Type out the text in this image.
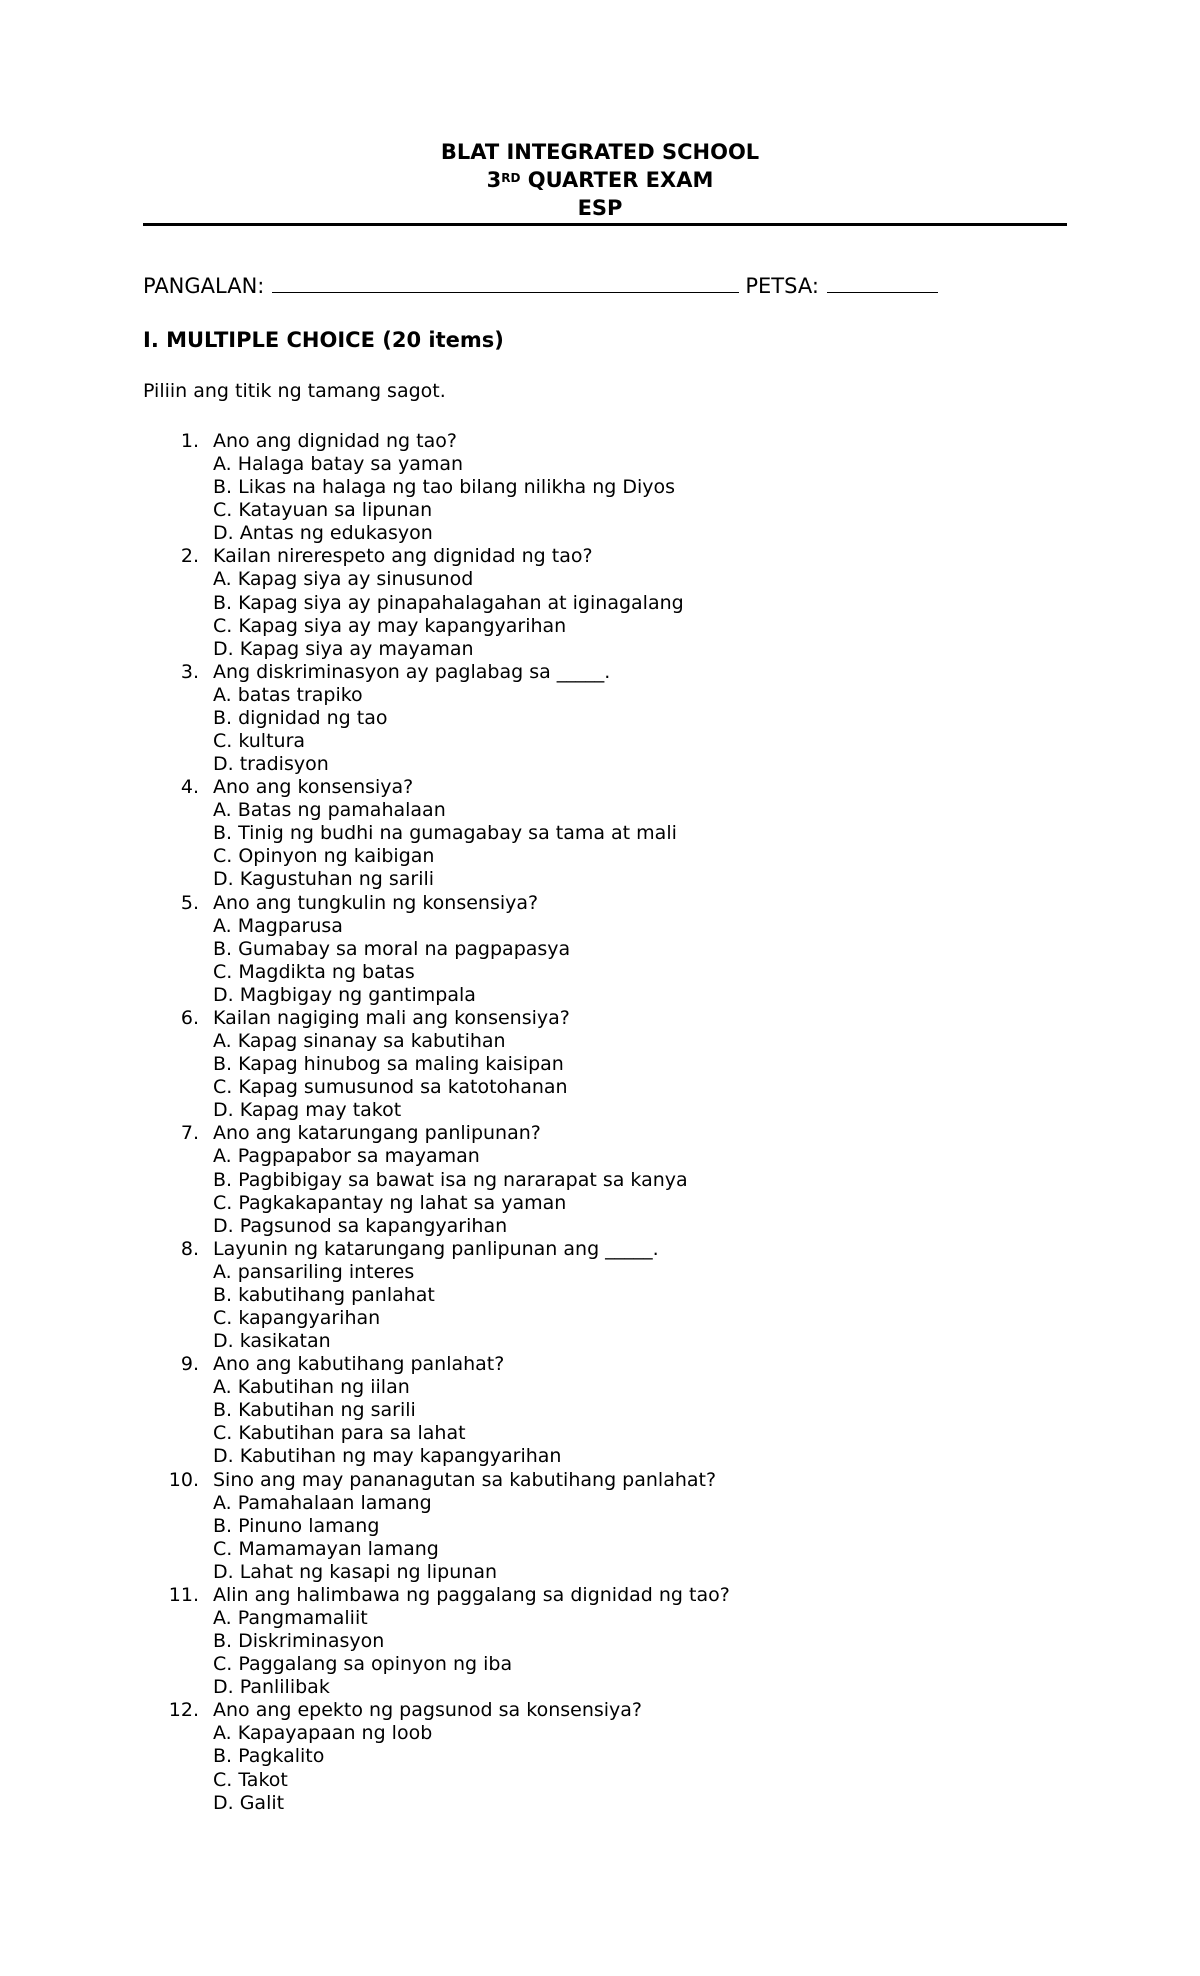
BLAT INTEGRATED SCHOOL
3RD QUARTER EXAM
ESP
PANGALAN:	PETSA:
I. MULTIPLE CHOICE (20 items)
Piliin ang titik ng tamang sagot.
1. Ano ang dignidad ng tao?
A. Halaga batay sa yaman
B. Likas na halaga ng tao bilang nilikha ng Diyos
C. Katayuan sa lipunan
D. Antas ng edukasyon
2. Kailan nirerespeto ang dignidad ng tao?
A. Kapag siya ay sinusunod
B. Kapag siya ay pinapahalagahan at iginagalang
C. Kapag siya ay may kapangyarihan
D. Kapag siya ay mayaman
3. Ang diskriminasyon ay paglabag sa _____.
A. batas trapiko
B. dignidad ng tao
C. kultura
D. tradisyon
4. Ano ang konsensiya?
A. Batas ng pamahalaan
B. Tinig ng budhi na gumagabay sa tama at mali
C. Opinyon ng kaibigan
D. Kagustuhan ng sarili
5. Ano ang tungkulin ng konsensiya?
A. Magparusa
B. Gumabay sa moral na pagpapasya
C. Magdikta ng batas
D. Magbigay ng gantimpala
6. Kailan nagiging mali ang konsensiya?
A. Kapag sinanay sa kabutihan
B. Kapag hinubog sa maling kaisipan
C. Kapag sumusunod sa katotohanan
D. Kapag may takot
7. Ano ang katarungang panlipunan?
A. Pagpapabor sa mayaman
B. Pagbibigay sa bawat isa ng nararapat sa kanya
C. Pagkakapantay ng lahat sa yaman
D. Pagsunod sa kapangyarihan
8. Layunin ng katarungang panlipunan ang _____.
A. pansariling interes
B. kabutihang panlahat
C. kapangyarihan
D. kasikatan
9. Ano ang kabutihang panlahat?
A. Kabutihan ng iilan
B. Kabutihan ng sarili
C. Kabutihan para sa lahat
D. Kabutihan ng may kapangyarihan
10. Sino ang may pananagutan sa kabutihang panlahat?
A. Pamahalaan lamang
B. Pinuno lamang
C. Mamamayan lamang
D. Lahat ng kasapi ng lipunan
11. Alin ang halimbawa ng paggalang sa dignidad ng tao?
A. Pangmamaliit
B. Diskriminasyon
C. Paggalang sa opinyon ng iba
D. Panlilibak
12. Ano ang epekto ng pagsunod sa konsensiya?
A. Kapayapaan ng loob
B. Pagkalito
C. Takot
D. Galit
